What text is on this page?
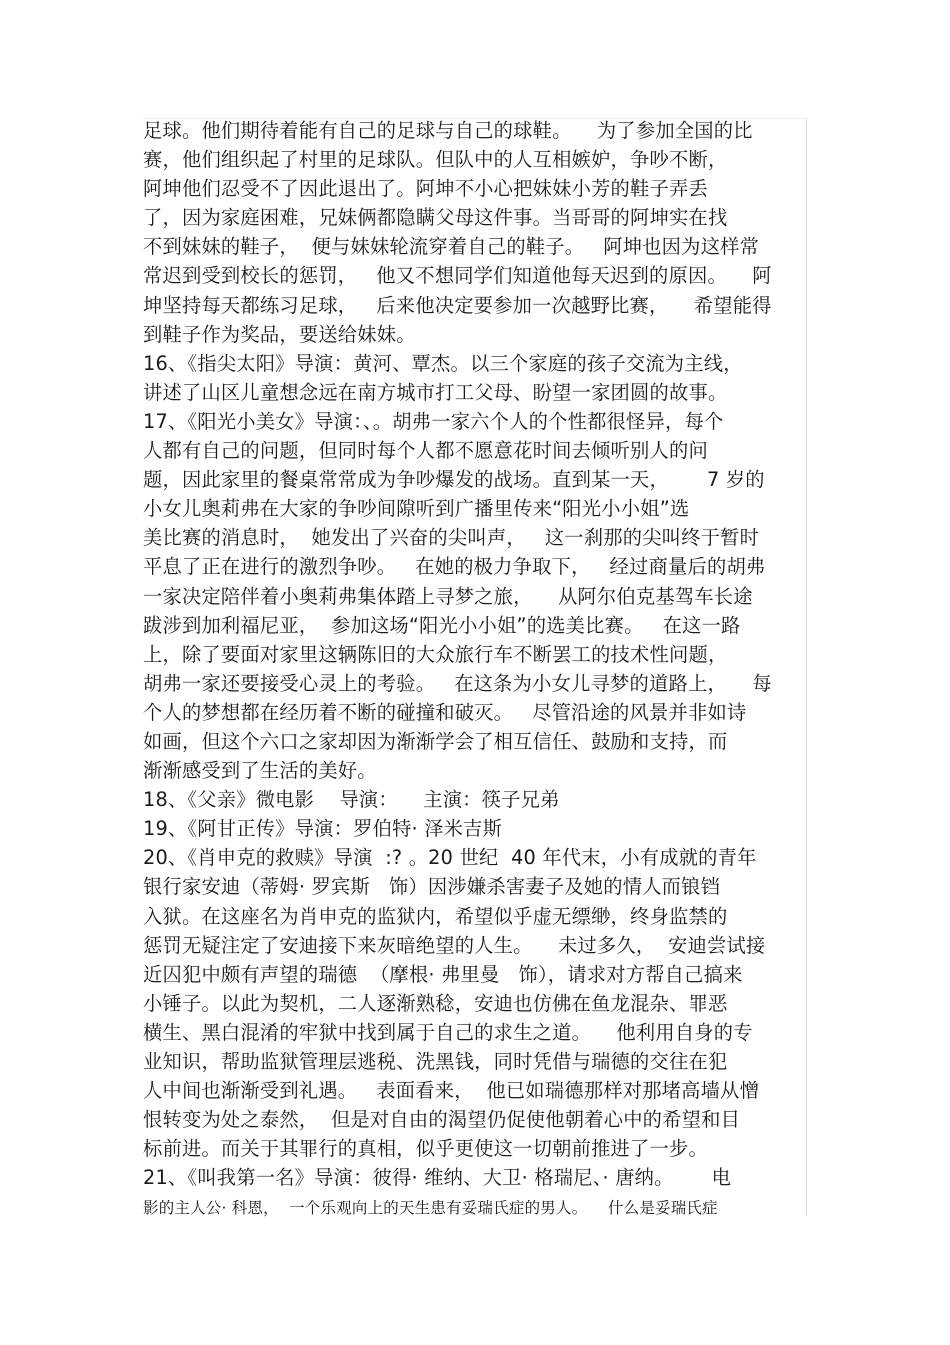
足球。他们期待着能有自己的足球与自己的球鞋。    为了参加全国的比
赛，他们组织起了村里的足球队。但队中的人互相嫉妒，争吵不断，
阿坤他们忍受不了因此退出了。阿坤不小心把妹妹小芳的鞋子弄丢
了，因为家庭困难，兄妹俩都隐瞒父母这件事。当哥哥的阿坤实在找
不到妹妹的鞋子，  便与妹妹轮流穿着自己的鞋子。   阿坤也因为这样常
常迟到受到校长的惩罚，   他又不想同学们知道他每天迟到的原因。    阿
坤坚持每天都练习足球，   后来他决定要参加一次越野比赛，    希望能得
到鞋子作为奖品，要送给妹妹。
16、《指尖太阳》导演：黄河、覃杰。以三个家庭的孩子交流为主线，
讲述了山区儿童想念远在南方城市打工父母、盼望一家团圆的故事。
17、《阳光小美女》导演：、。胡弗一家六个人的个性都很怪异，每个
人都有自己的问题，但同时每个人都不愿意花时间去倾听别人的问
题，因此家里的餐桌常常成为争吵爆发的战场。直到某一天，      7 岁的
小女儿奥莉弗在大家的争吵间隙听到广播里传来“阳光小小姐”选
美比赛的消息时，  她发出了兴奋的尖叫声，   这一刹那的尖叫终于暂时
平息了正在进行的激烈争吵。   在她的极力争取下，   经过商量后的胡弗
一家决定陪伴着小奥莉弗集体踏上寻梦之旅，    从阿尔伯克基驾车长途
跋涉到加利福尼亚，  参加这场“阳光小小姐”的选美比赛。   在这一路
上，除了要面对家里这辆陈旧的大众旅行车不断罢工的技术性问题，
胡弗一家还要接受心灵上的考验。   在这条为小女儿寻梦的道路上，    每
个人的梦想都在经历着不断的碰撞和破灭。   尽管沿途的风景并非如诗
如画，但这个六口之家却因为渐渐学会了相互信任、鼓励和支持，而
渐渐感受到了生活的美好。
18、《父亲》微电影    导演：    主演：筷子兄弟
19、《阿甘正传》导演：罗伯特· 泽米吉斯
20、《肖申克的救赎》导演  :? 。20 世纪  40 年代末，小有成就的青年
银行家安迪（蒂姆· 罗宾斯   饰）因涉嫌杀害妻子及她的情人而锒铛
入狱。在这座名为肖申克的监狱内，希望似乎虚无缥缈，终身监禁的
惩罚无疑注定了安迪接下来灰暗绝望的人生。    未过多久，  安迪尝试接
近囚犯中颇有声望的瑞德  （摩根· 弗里曼   饰），请求对方帮自己搞来
小锤子。以此为契机，二人逐渐熟稔，安迪也仿佛在鱼龙混杂、罪恶
横生、黑白混淆的牢狱中找到属于自己的求生之道。    他利用自身的专
业知识，帮助监狱管理层逃税、洗黑钱，同时凭借与瑞德的交往在犯
人中间也渐渐受到礼遇。   表面看来，  他已如瑞德那样对那堵高墙从憎
恨转变为处之泰然，  但是对自由的渴望仍促使他朝着心中的希望和目
标前进。而关于其罪行的真相，似乎更使这一切朝前推进了一步。
21、《叫我第一名》导演：彼得· 维纳、大卫· 格瑞尼、· 唐纳。      电
影的主人公· 科恩，  一个乐观向上的天生患有妥瑞氏症的男人。    什么是妥瑞氏症
